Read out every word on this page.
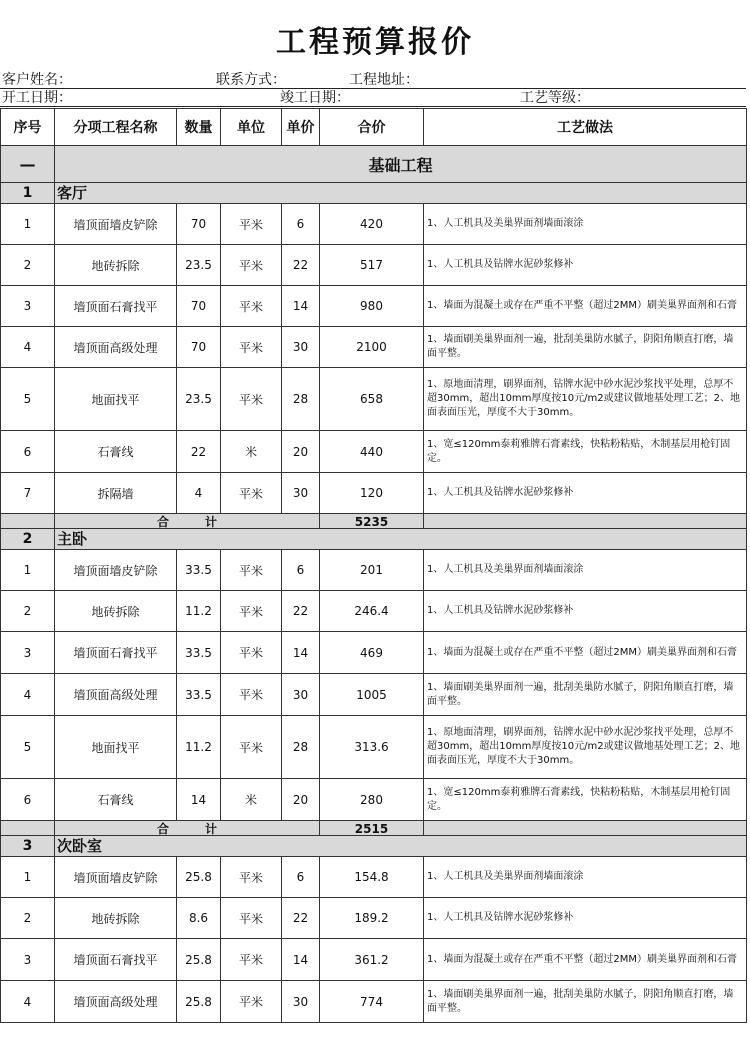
工程预算报价
客户姓名：	联系方式：	工程地址：
开工日期：	竣工日期：	工艺等级：
序号	分项工程名称	数量	单位	单价	合价	工艺做法
—	基础工程					
1	客厅					
1	墙顶面墙皮铲除	70	平米	6	420	1、人工机具及美巢界面剂墙面滚涂
2	地砖拆除	23.5	平米	22	517	1、人工机具及钻牌水泥砂浆修补
3	墙顶面石膏找平	70	平米	14	980	1、墙面为混凝土或存在严重不平整（超过2MM）刷美巢界面剂和石膏
4	墙顶面高级处理	70	平米	30	2100	1、墙面刷美巢界面剂一遍，批刮美巢防水腻子，阴阳角顺直打磨，墙面平整。
5	地面找平	23.5	平米	28	658	1、原地面清理，刷界面剂，钻牌水泥中砂水泥沙浆找平处理，总厚不超30mm，超出10mm厚度按10元/m2或建议做地基处理工艺；2、地面表面压光，厚度不大于30mm。
6	石膏线	22	米	20	440	1、宽≤120mm泰莉雅牌石膏素线，快粘粉粘贴，木制基层用枪钉固定。
7	拆隔墙	4	平米	30	120	1、人工机具及钻牌水泥砂浆修补
	合　　　计				5235	
2	主卧					
1	墙顶面墙皮铲除	33.5	平米	6	201	1、人工机具及美巢界面剂墙面滚涂
2	地砖拆除	11.2	平米	22	246.4	1、人工机具及钻牌水泥砂浆修补
3	墙顶面石膏找平	33.5	平米	14	469	1、墙面为混凝土或存在严重不平整（超过2MM）刷美巢界面剂和石膏
4	墙顶面高级处理	33.5	平米	30	1005	1、墙面刷美巢界面剂一遍，批刮美巢防水腻子，阴阳角顺直打磨，墙面平整。
5	地面找平	11.2	平米	28	313.6	1、原地面清理，刷界面剂，钻牌水泥中砂水泥沙浆找平处理，总厚不超30mm，超出10mm厚度按10元/m2或建议做地基处理工艺；2、地面表面压光，厚度不大于30mm。
6	石膏线	14	米	20	280	1、宽≤120mm泰莉雅牌石膏素线，快粘粉粘贴，木制基层用枪钉固定。
	合　　　计				2515	
3	次卧室					
1	墙顶面墙皮铲除	25.8	平米	6	154.8	1、人工机具及美巢界面剂墙面滚涂
2	地砖拆除	8.6	平米	22	189.2	1、人工机具及钻牌水泥砂浆修补
3	墙顶面石膏找平	25.8	平米	14	361.2	1、墙面为混凝土或存在严重不平整（超过2MM）刷美巢界面剂和石膏
4	墙顶面高级处理	25.8	平米	30	774	1、墙面刷美巢界面剂一遍，批刮美巢防水腻子，阴阳角顺直打磨，墙面平整。
